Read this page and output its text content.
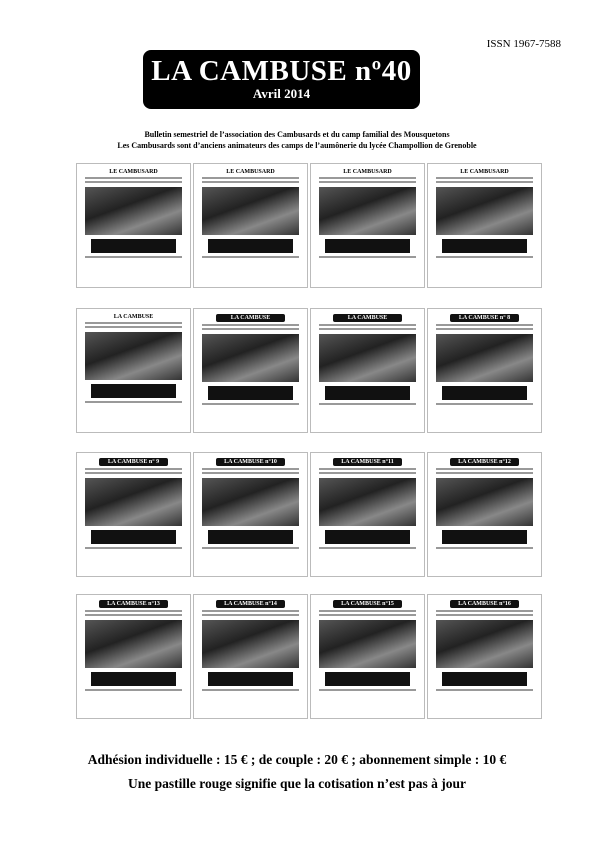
ISSN 1967-7588
LA CAMBUSE nº40
Avril 2014
Bulletin semestriel de l’association des Cambusards et du camp familial des Mousquetons
Les Cambusards sont d’anciens animateurs des camps de l’aumônerie du lycée Champollion de Grenoble
LE CAMBUSARD	LE CAMBUSARD	LE CAMBUSARD	LE CAMBUSARD
LA CAMBUSE	LA CAMBUSE	LA CAMBUSE	LA CAMBUSE n° 8
LA CAMBUSE n° 9	LA CAMBUSE n°10	LA CAMBUSE n°11	LA CAMBUSE n°12
LA CAMBUSE n°13	LA CAMBUSE n°14	LA CAMBUSE n°15	LA CAMBUSE n°16
Adhésion individuelle : 15 € ; de couple : 20 € ; abonnement simple : 10 €
Une pastille rouge signifie que la cotisation n’est pas à jour
